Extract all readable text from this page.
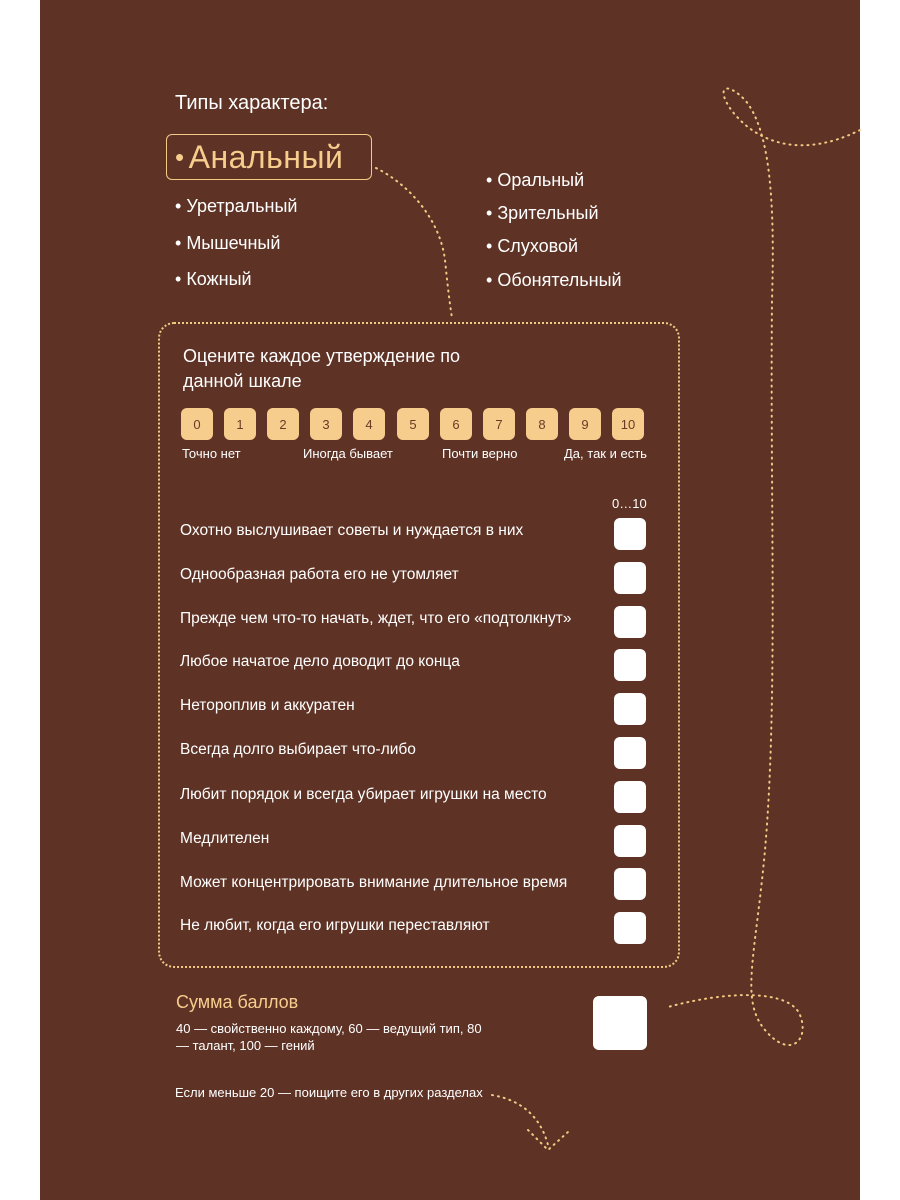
Типы характера:
• Анальный
• Уретральный
• Мышечный
• Кожный
• Оральный
• Зрительный
• Слуховой
• Обонятельный
Оцените каждое утверждение по данной шкале
0	1	2	3	4	5	6	7	8	9	10
Точно нет	Иногда бывает	Почти верно	Да, так и есть
0…10
Охотно выслушивает советы и нуждается в них
Однообразная работа его не утомляет
Прежде чем что-то начать, ждет, что его «подтолкнут»
Любое начатое дело доводит до конца
Нетороплив и аккуратен
Всегда долго выбирает что-либо
Любит порядок и всегда убирает игрушки на место
Медлителен
Может концентрировать внимание длительное время
Не любит, когда его игрушки переставляют
Сумма баллов
40 — свойственно каждому, 60 — ведущий тип, 80 — талант, 100 — гений
Если меньше 20 — поищите его в других разделах
